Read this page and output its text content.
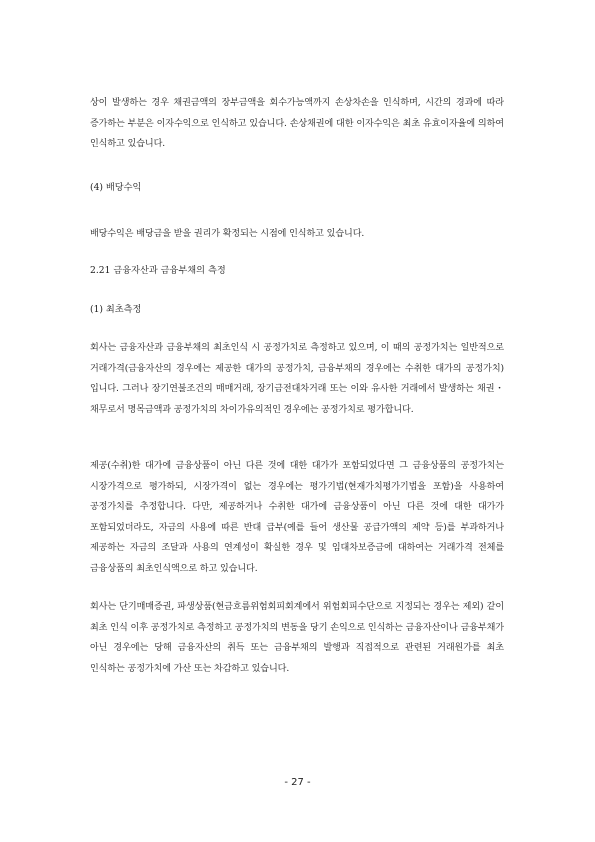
상이 발생하는 경우 채권금액의 장부금액을 회수가능액까지 손상차손을 인식하며, 시간의 경과에 따라 증가하는 부분은 이자수익으로 인식하고 있습니다. 손상채권에 대한 이자수익은 최초 유효이자율에 의하여 인식하고 있습니다.

(4) 배당수익

배당수익은 배당금을 받을 권리가 확정되는 시점에 인식하고 있습니다.

2.21 금융자산과 금융부채의 측정
(1) 최초측정

회사는 금융자산과 금융부채의 최초인식 시 공정가치로 측정하고 있으며, 이 때의 공정가치는 일반적으로 거래가격(금융자산의 경우에는 제공한 대가의 공정가치, 금융부채의 경우에는 수취한 대가의 공정가치)입니다. 그러나 장기연불조건의 매매거래, 장기금전대차거래 또는 이와 유사한 거래에서 발생하는 채권・채무로서 명목금액과 공정가치의 차이가유의적인 경우에는 공정가치로 평가합니다.

제공(수취)한 대가에 금융상품이 아닌 다른 것에 대한 대가가 포함되었다면 그 금융상품의 공정가치는 시장가격으로 평가하되, 시장가격이 없는 경우에는 평가기법(현재가치평가기법을 포함)을 사용하여 공정가치를 추정합니다. 다만, 제공하거나 수취한 대가에 금융상품이 아닌 다른 것에 대한 대가가 포함되었더라도, 자금의 사용에 따른 반대 급부(예를 들어 생산물 공급가액의 제약 등)를 부과하거나 제공하는 자금의 조달과 사용의 연계성이 확실한 경우 및 임대차보증금에 대하여는 거래가격 전체를 금융상품의 최초인식액으로 하고 있습니다.

회사는 단기매매증권, 파생상품(현금흐름위험회피회계에서 위험회피수단으로 지정되는 경우는 제외) 같이 최초 인식 이후 공정가치로 측정하고 공정가치의 변동을 당기 손익으로 인식하는 금융자산이나 금융부채가 아닌 경우에는 당해 금융자산의 취득 또는 금융부채의 발행과 직접적으로 관련된 거래원가를 최초 인식하는 공정가치에 가산 또는 차감하고 있습니다.

- 27 -
